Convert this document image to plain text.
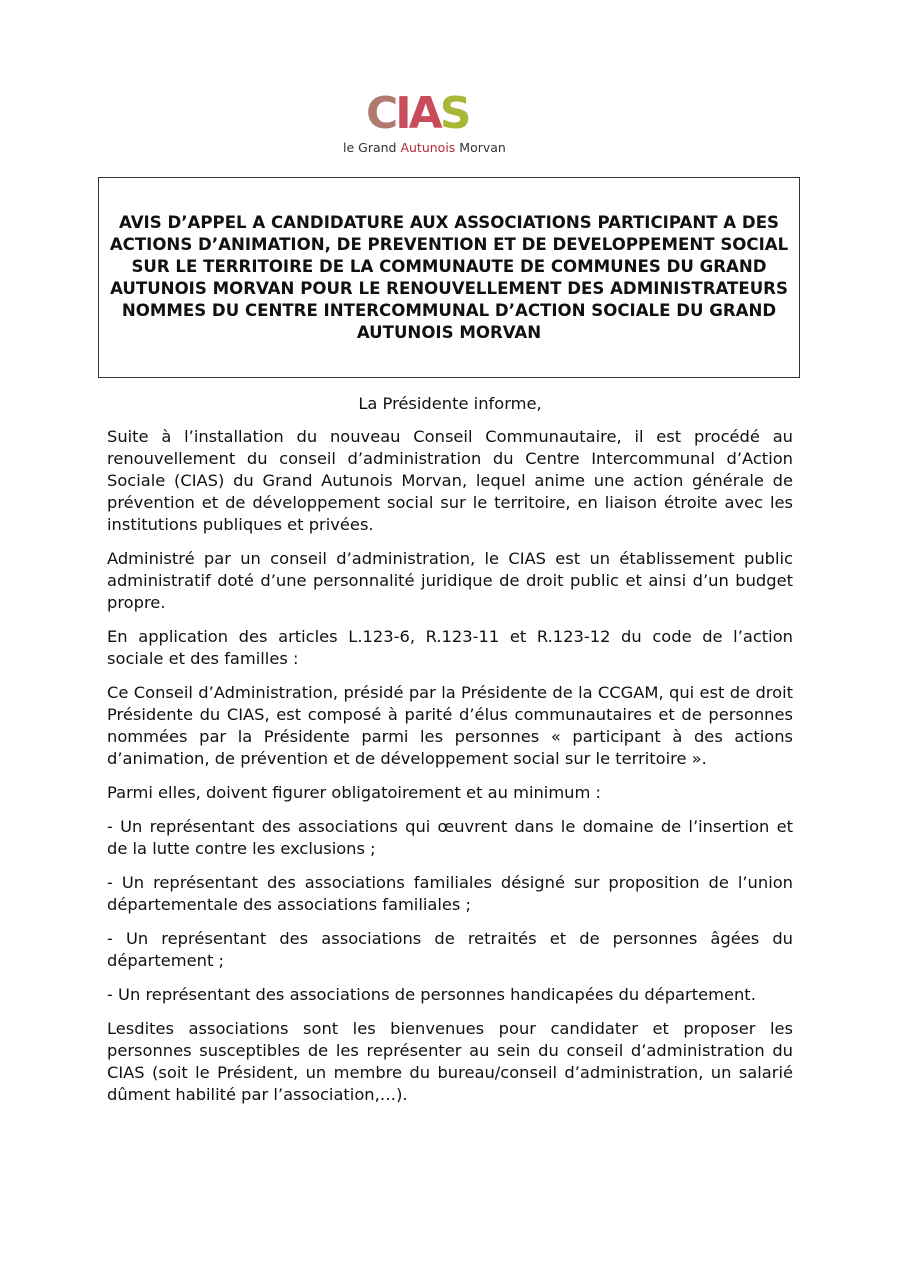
C I A S
le Grand Autunois Morvan
AVIS D’APPEL A CANDIDATURE AUX ASSOCIATIONS PARTICIPANT A DES ACTIONS D’ANIMATION, DE PREVENTION ET DE DEVELOPPEMENT SOCIAL SUR LE TERRITOIRE DE LA COMMUNAUTE DE COMMUNES DU GRAND AUTUNOIS MORVAN POUR LE RENOUVELLEMENT DES ADMINISTRATEURS NOMMES DU CENTRE INTERCOMMUNAL D’ACTION SOCIALE DU GRAND AUTUNOIS MORVAN
La Présidente informe,

Suite à l’installation du nouveau Conseil Communautaire, il est procédé au renouvellement du conseil d’administration du Centre Intercommunal d’Action Sociale (CIAS) du Grand Autunois Morvan, lequel anime une action générale de prévention et de développement social sur le territoire, en liaison étroite avec les institutions publiques et privées.

Administré par un conseil d’administration, le CIAS est un établissement public administratif doté d’une personnalité juridique de droit public et ainsi d’un budget propre.

En application des articles L.123-6, R.123-11 et R.123-12 du code de l’action sociale et des familles :

Ce Conseil d’Administration, présidé par la Présidente de la CCGAM, qui est de droit Présidente du CIAS, est composé à parité d’élus communautaires et de personnes nommées par la Présidente parmi les personnes « participant à des actions d’animation, de prévention et de développement social sur le territoire ».

Parmi elles, doivent figurer obligatoirement et au minimum :

- Un représentant des associations qui œuvrent dans le domaine de l’insertion et de la lutte contre les exclusions ;

- Un représentant des associations familiales désigné sur proposition de l’union départementale des associations familiales ;

- Un représentant des associations de retraités et de personnes âgées du département ;

- Un représentant des associations de personnes handicapées du département.

Lesdites associations sont les bienvenues pour candidater et proposer les personnes susceptibles de les représenter au sein du conseil d’administration du CIAS (soit le Président, un membre du bureau/conseil d’administration, un salarié dûment habilité par l’association,…).
